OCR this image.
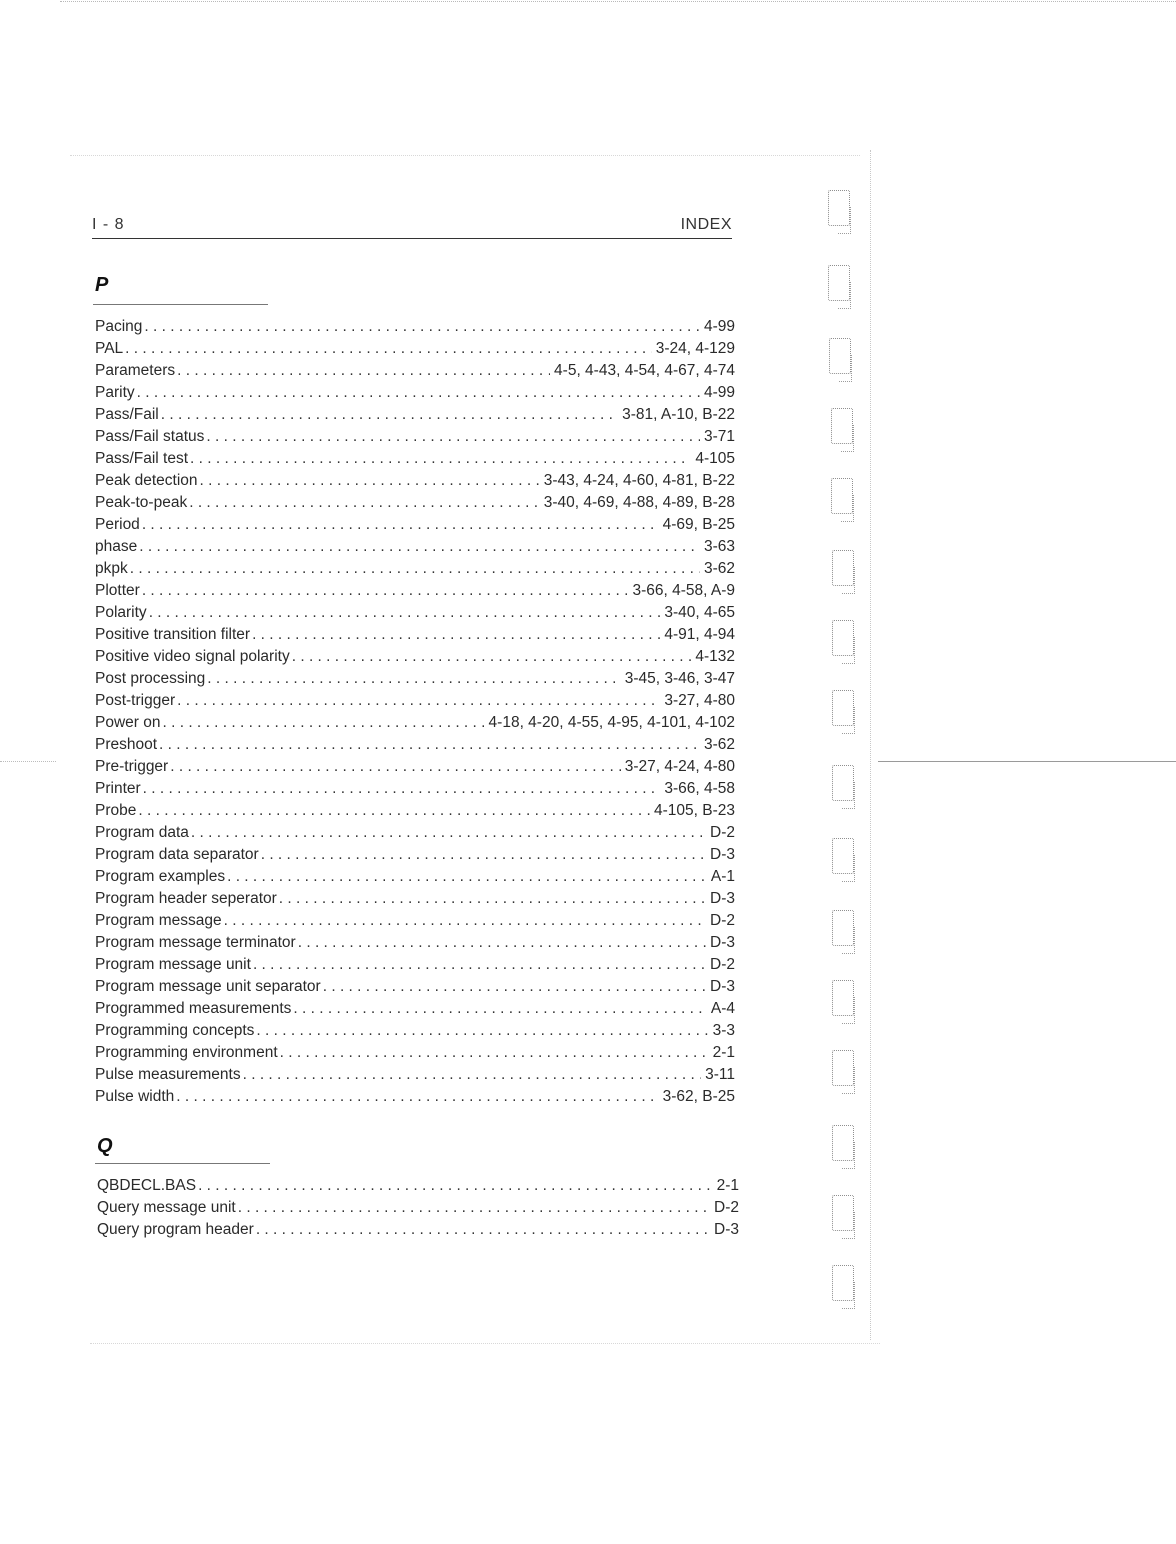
I - 8	INDEX
P
Pacing . . .	4-99
PAL . . .	3-24, 4-129
Parameters . . .	4-5, 4-43, 4-54, 4-67, 4-74
Parity . . .	4-99
Pass/Fail . . .	3-81, A-10, B-22
Pass/Fail status . . .	3-71
Pass/Fail test . . .	4-105
Peak detection . . .	3-43, 4-24, 4-60, 4-81, B-22
Peak-to-peak . . .	3-40, 4-69, 4-88, 4-89, B-28
Period . . .	4-69, B-25
phase . . .	3-63
pkpk . . .	3-62
Plotter . . .	3-66, 4-58, A-9
Polarity . . .	3-40, 4-65
Positive transition filter . . .	4-91, 4-94
Positive video signal polarity . . .	4-132
Post processing . . .	3-45, 3-46, 3-47
Post-trigger . . .	3-27, 4-80
Power on . . .	4-18, 4-20, 4-55, 4-95, 4-101, 4-102
Preshoot . . .	3-62
Pre-trigger . . .	3-27, 4-24, 4-80
Printer . . .	3-66, 4-58
Probe . . .	4-105, B-23
Program data . . .	D-2
Program data separator . . .	D-3
Program examples . . .	A-1
Program header seperator . . .	D-3
Program message . . .	D-2
Program message terminator . . .	D-3
Program message unit . . .	D-2
Program message unit separator . . .	D-3
Programmed measurements . . .	A-4
Programming concepts . . .	3-3
Programming environment . . .	2-1
Pulse measurements . . .	3-11
Pulse width . . .	3-62, B-25
Q
QBDECL.BAS . . .	2-1
Query message unit . . .	D-2
Query program header . . .	D-3
